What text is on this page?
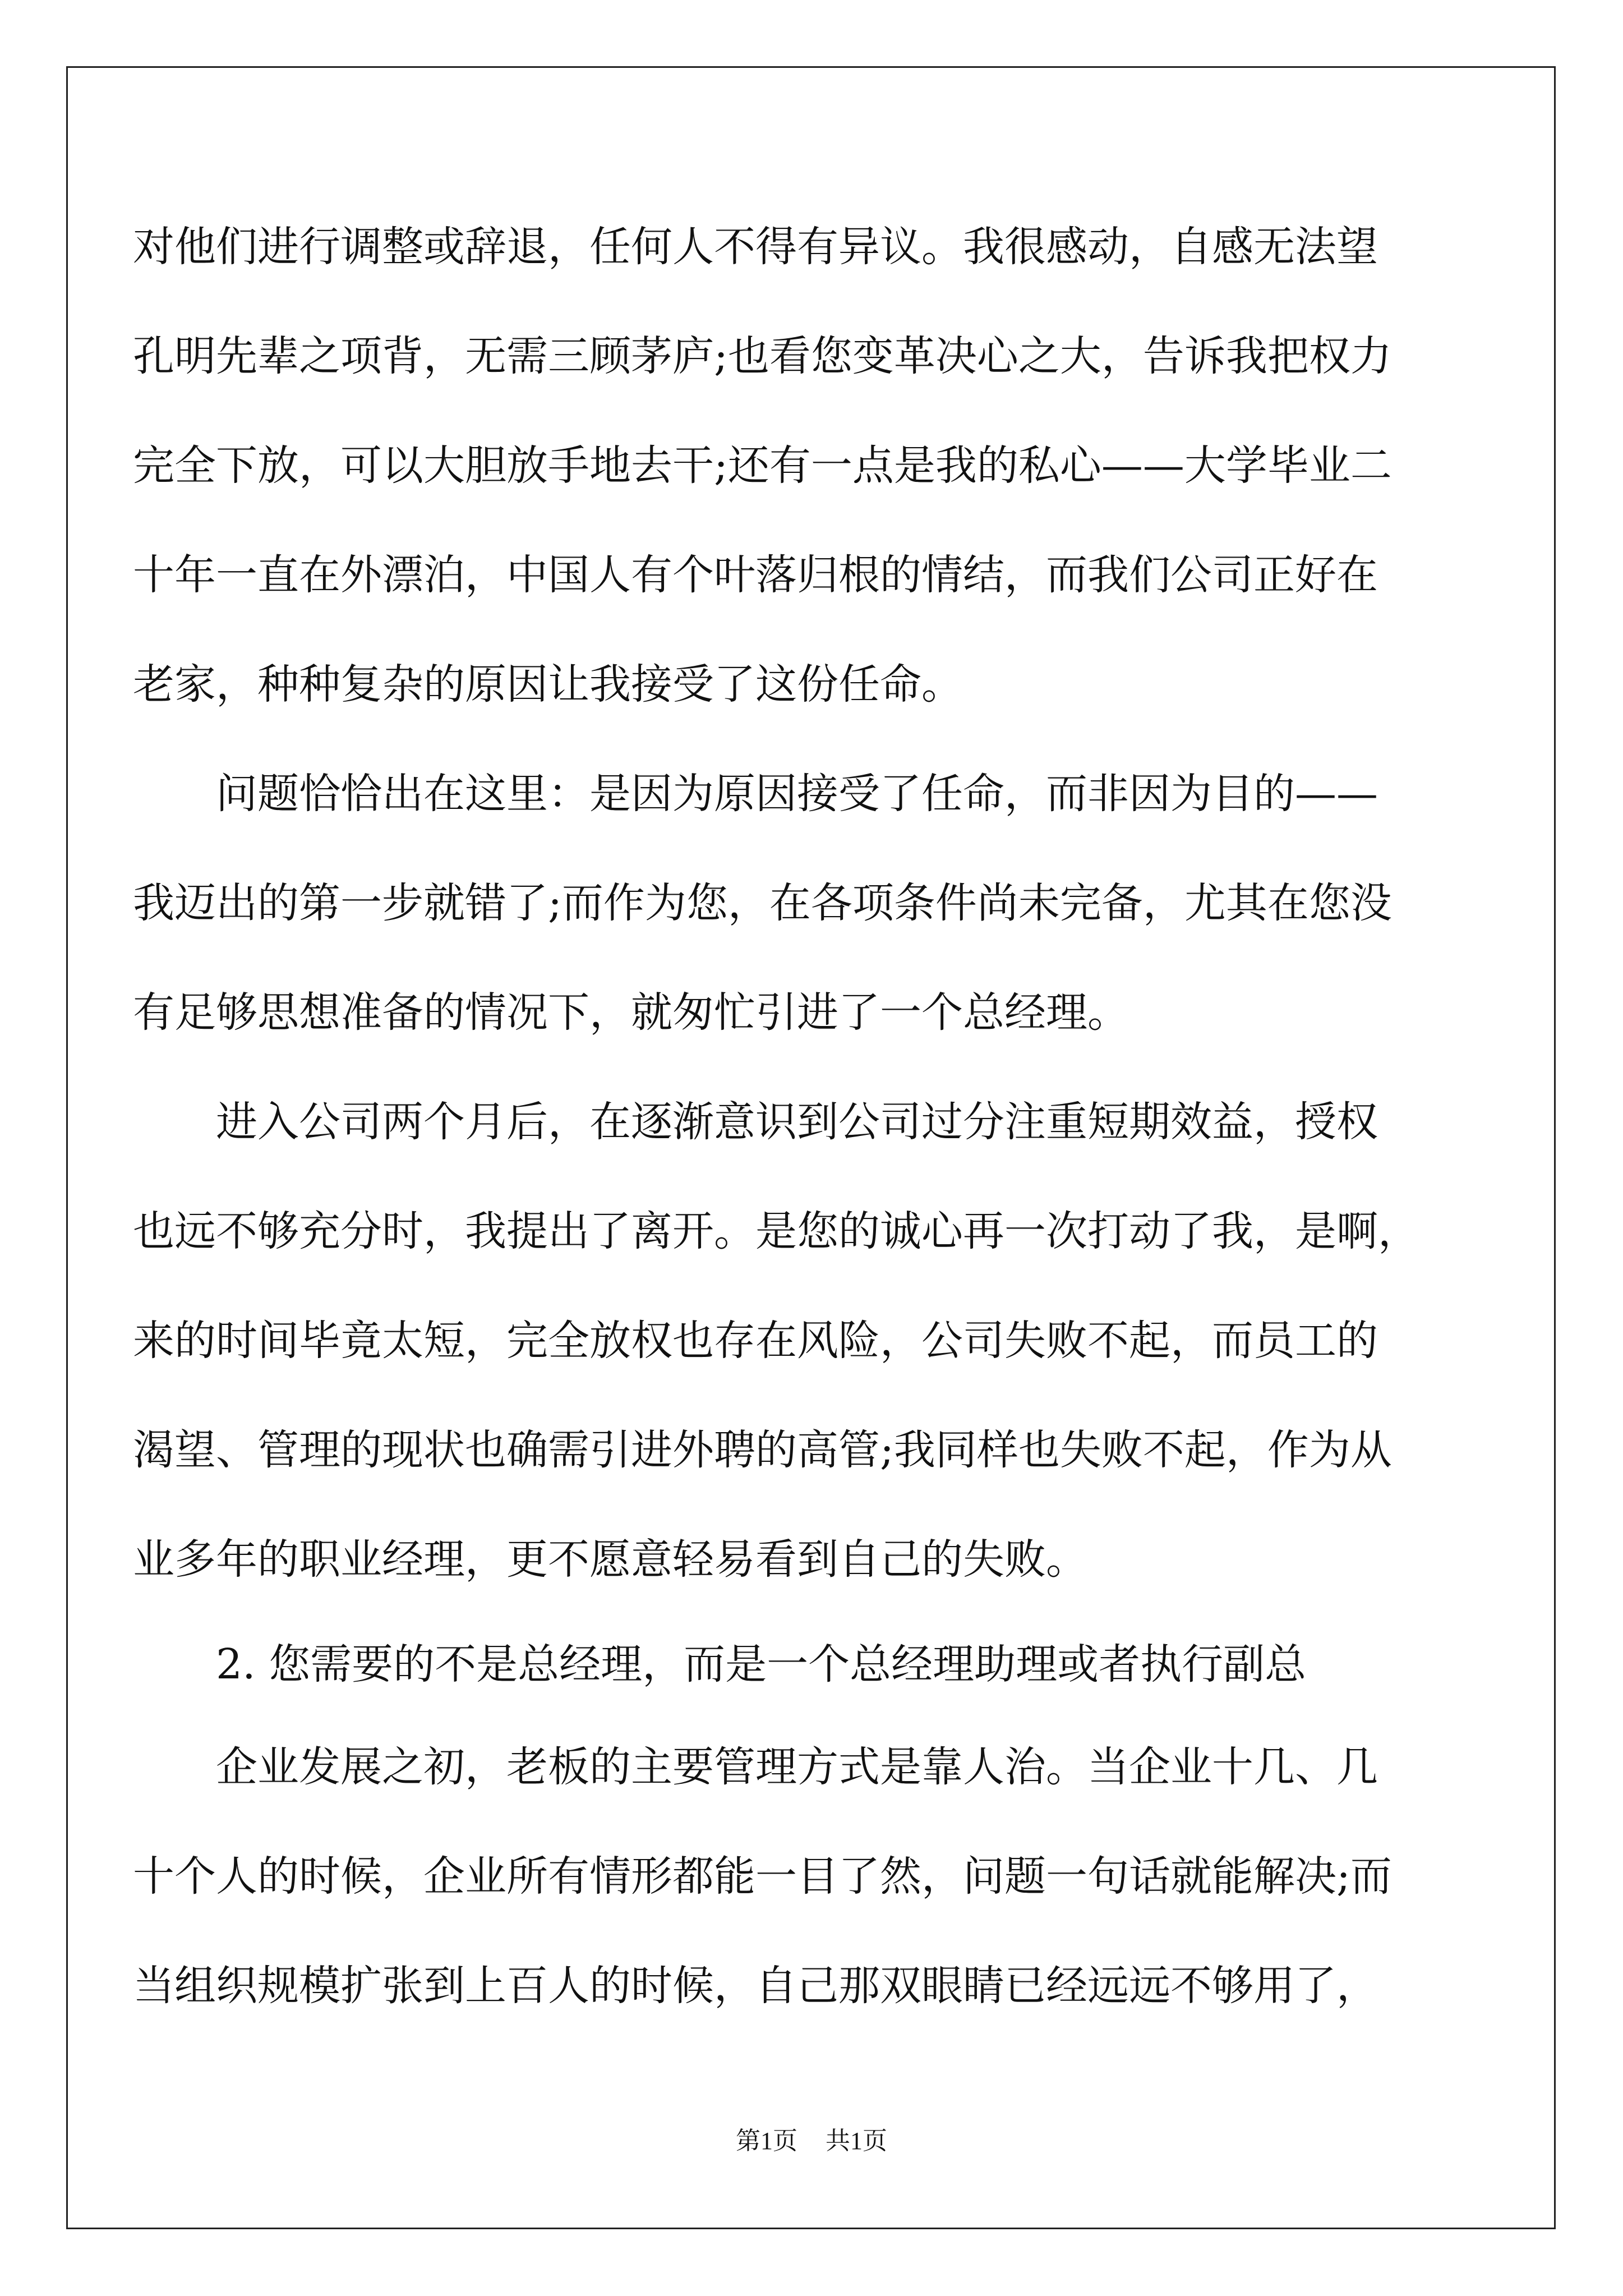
对他们进行调整或辞退，任何人不得有异议。我很感动，自感无法望
孔明先辈之项背，无需三顾茅庐;也看您变革决心之大，告诉我把权力
完全下放，可以大胆放手地去干;还有一点是我的私心——大学毕业二
十年一直在外漂泊，中国人有个叶落归根的情结，而我们公司正好在
老家，种种复杂的原因让我接受了这份任命。
问题恰恰出在这里：是因为原因接受了任命，而非因为目的——
我迈出的第一步就错了;而作为您，在各项条件尚未完备，尤其在您没
有足够思想准备的情况下，就匆忙引进了一个总经理。
进入公司两个月后，在逐渐意识到公司过分注重短期效益，授权
也远不够充分时，我提出了离开。是您的诚心再一次打动了我，是啊，
来的时间毕竟太短，完全放权也存在风险，公司失败不起，而员工的
渴望、管理的现状也确需引进外聘的高管;我同样也失败不起，作为从
业多年的职业经理，更不愿意轻易看到自己的失败。
2. 您需要的不是总经理，而是一个总经理助理或者执行副总
企业发展之初，老板的主要管理方式是靠人治。当企业十几、几
十个人的时候，企业所有情形都能一目了然，问题一句话就能解决;而
当组织规模扩张到上百人的时候，自己那双眼睛已经远远不够用了，
第1页 共1页
